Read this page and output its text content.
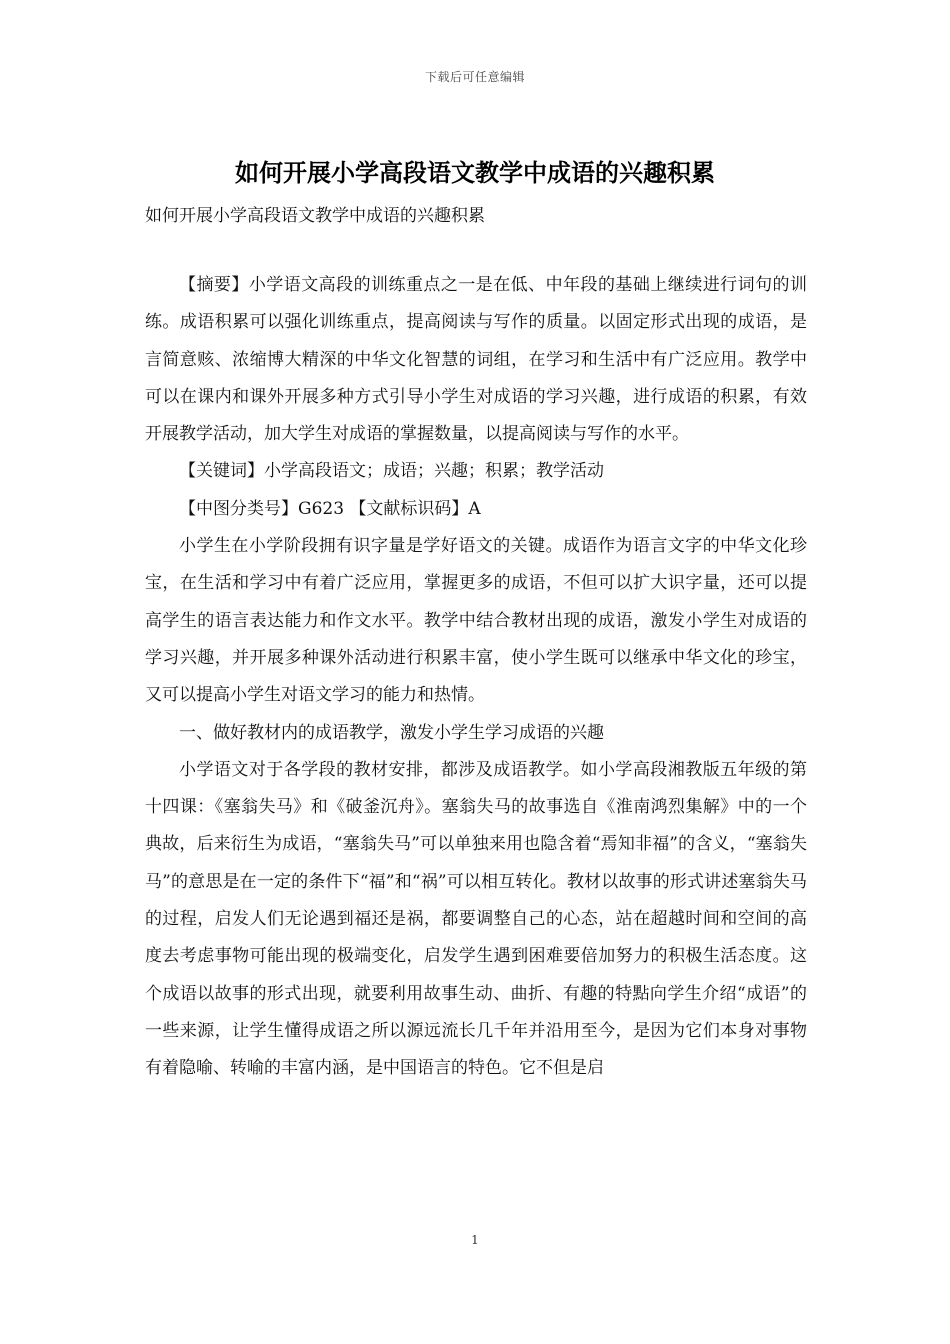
下载后可任意编辑
如何开展小学高段语文教学中成语的兴趣积累
如何开展小学高段语文教学中成语的兴趣积累

【摘要】小学语文高段的训练重点之一是在低、中年段的基础上继续进行词句的训练。成语积累可以强化训练重点，提高阅读与写作的质量。以固定形式出现的成语，是言简意赅、浓缩博大精深的中华文化智慧的词组，在学习和生活中有广泛应用。教学中可以在课内和课外开展多种方式引导小学生对成语的学习兴趣，进行成语的积累，有效开展教学活动，加大学生对成语的掌握数量，以提高阅读与写作的水平。

【关键词】小学高段语文；成语；兴趣；积累；教学活动

【中图分类号】G623 【文献标识码】A

小学生在小学阶段拥有识字量是学好语文的关键。成语作为语言文字的中华文化珍宝，在生活和学习中有着广泛应用，掌握更多的成语，不但可以扩大识字量，还可以提高学生的语言表达能力和作文水平。教学中结合教材出现的成语，激发小学生对成语的学习兴趣，并开展多种课外活动进行积累丰富，使小学生既可以继承中华文化的珍宝，又可以提高小学生对语文学习的能力和热情。

一、做好教材内的成语教学，激发小学生学习成语的兴趣

小学语文对于各学段的教材安排，都涉及成语教学。如小学高段湘教版五年级的第十四课：《塞翁失马》和《破釜沉舟》。塞翁失马的故事选自《淮南鸿烈集解》中的一个典故，后来衍生为成语，“塞翁失马”可以单独来用也隐含着“焉知非福”的含义，“塞翁失马”的意思是在一定的条件下“福”和“祸”可以相互转化。教材以故事的形式讲述塞翁失马的过程，启发人们无论遇到福还是祸，都要调整自己的心态，站在超越时间和空间的高度去考虑事物可能出现的极端变化，启发学生遇到困难要倍加努力的积极生活态度。这个成语以故事的形式出现，就要利用故事生动、曲折、有趣的特點向学生介绍“成语”的一些来源，让学生懂得成语之所以源远流长几千年并沿用至今，是因为它们本身对事物有着隐喻、转喻的丰富内涵，是中国语言的特色。它不但是启

1
